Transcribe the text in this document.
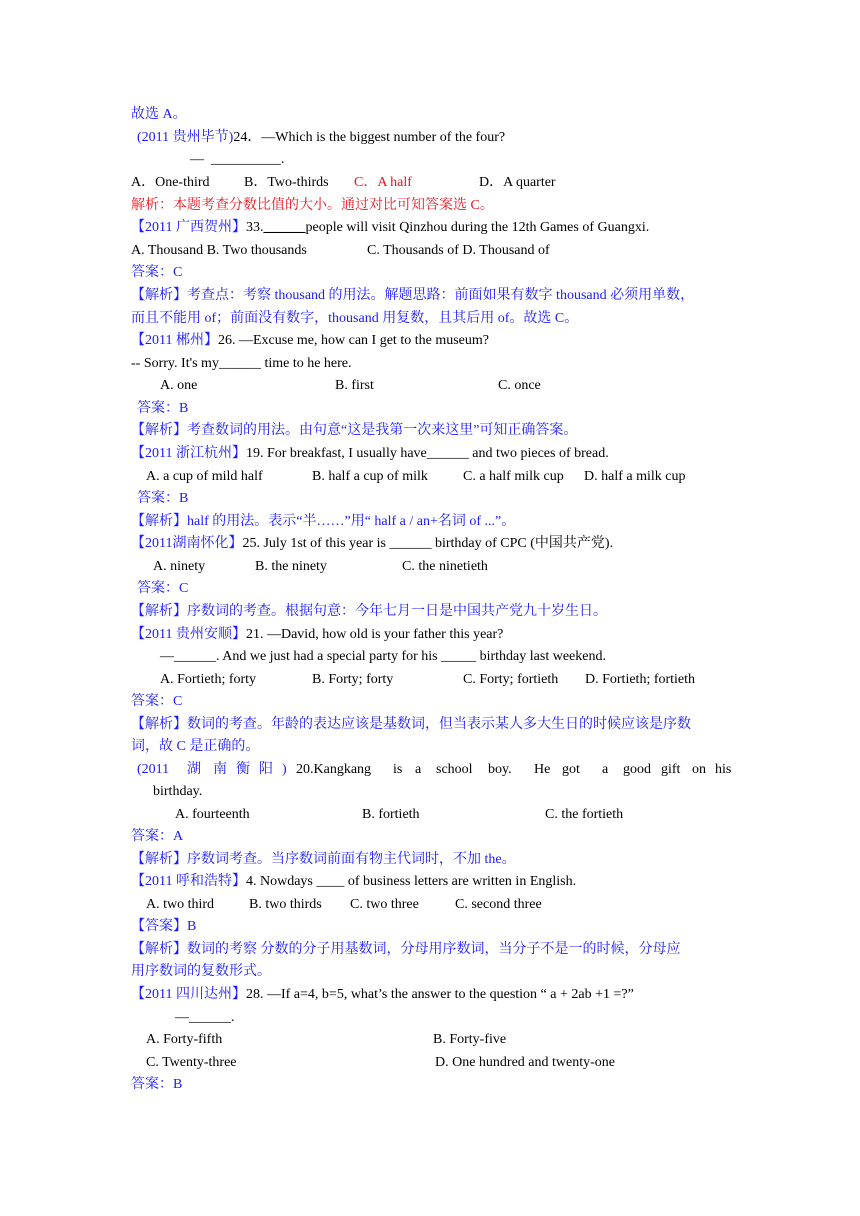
故选 A。
(2011 贵州毕节)24．—Which is the biggest number of the four?
— __________.
A．One-third B．Two-thirds C．A half	D．A quarter
解析：本题考查分数比值的大小。通过对比可知答案选 C。
【2011 广西贺州】33.______people will visit Qinzhou during the 12th Games of Guangxi.
A. Thousand B. Two thousands	C. Thousands of D. Thousand of
答案：C
【解析】考查点：考察 thousand 的用法。解题思路：前面如果有数字 thousand 必须用单数，
而且不能用 of；前面没有数字，thousand 用复数，且其后用 of。故选 C。
【2011 郴州】26. —Excuse me, how can I get to the museum?
-- Sorry. It's my______ time to he here.
A. one	B. first	C. once
答案：B
【解析】考查数词的用法。由句意“这是我第一次来这里”可知正确答案。
【2011 浙江杭州】19. For breakfast, I usually have______ and two pieces of bread.
A. a cup of mild half	B. half a cup of milk	C. a half milk cup D. half a milk cup
答案：B
【解析】half 的用法。表示“半……”用“ half a / an+名词 of ...”。
【2011湖南怀化】25. July 1st of this year is ______ birthday of CPC (中国共产党).
A. ninety	B. the ninety	C. the ninetieth
答案：C
【解析】序数词的考查。根据句意：今年七月一日是中国共产党九十岁生日。
【2011 贵州安顺】21. —David, how old is your father this year?
—______. And we just had a special party for his _____ birthday last weekend.
A. Fortieth; forty	B. Forty; forty	C. Forty; fortieth D. Fortieth; fortieth
答案：C
【解析】数词的考查。年龄的表达应该是基数词，但当表示某人多大生日的时候应该是序数
词，故 C 是正确的。
(2011 湖 南 衡 阳 ) 20.Kangkang is a school boy. He got a good gift on his
birthday.
A. fourteenth	B. fortieth	C. the fortieth
答案：A
【解析】序数词考查。当序数词前面有物主代词时，不加 the。
【2011 呼和浩特】4. Nowdays ____ of business letters are written in English.
A. two third B. two thirds C. two three	C. second three
【答案】B
【解析】数词的考察 分数的分子用基数词，分母用序数词，当分子不是一的时候，分母应
用序数词的复数形式。
【2011 四川达州】28. —If a=4, b=5, what’s the answer to the question “ a + 2ab +1 =?”
—______.
A. Forty-fifth	B. Forty-five
C. Twenty-three	D. One hundred and twenty-one
答案：B
